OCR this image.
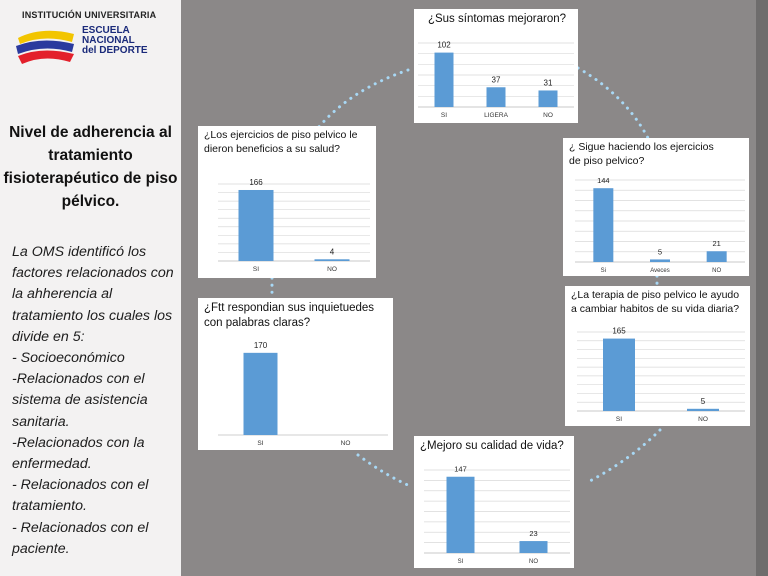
INSTITUCIÓN UNIVERSITARIA
ESCUELA
NACIONAL
del DEPORTE
Nivel de adherencia al tratamiento fisioterapéutico de piso pélvico.
La OMS identificó los factores relacionados con la ahherencia al tratamiento los cuales los divide en 5:
- Socioeconómico
-Relacionados con el sistema de asistencia sanitaria.
-Relacionados con la enfermedad.
- Relacionados con el tratamiento.
- Relacionados con el paciente.
102
SI
37
LIGERA
31
NO
¿Sus síntomas mejoraron?
166
SI
4
NO
¿Los ejercicios de piso pelvico le dieron beneficios a su salud?
144
Si
5
Aveces
21
NO
¿ Sigue haciendo los ejercicios de piso pelvico?
170
SI	NO
¿Ftt respondian sus inquietuedes con palabras claras?
165
SI
5
NO
¿La terapia de piso pelvico le ayudo a cambiar habitos de su vida diaria?
147
SI
23
NO
¿Mejoro su calidad de vida?
